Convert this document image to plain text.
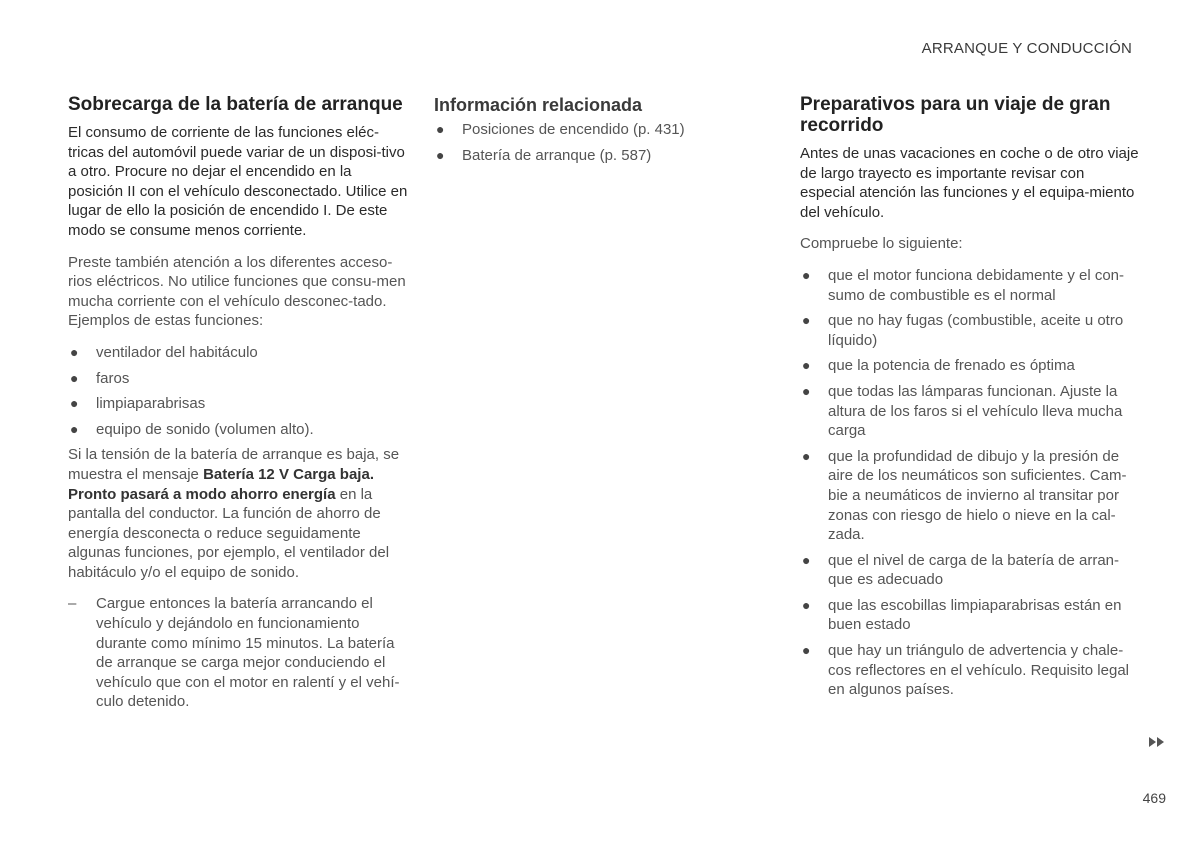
ARRANQUE Y CONDUCCIÓN
Sobrecarga de la batería de arranque

El consumo de corriente de las funciones eléc-tricas del automóvil puede variar de un disposi-tivo a otro. Procure no dejar el encendido en la posición II con el vehículo desconectado. Utilice en lugar de ello la posición de encendido I. De este modo se consume menos corriente.

Preste también atención a los diferentes acceso-rios eléctricos. No utilice funciones que consu-men mucha corriente con el vehículo desconec-tado. Ejemplos de estas funciones:

● ventilador del habitáculo
● faros
● limpiaparabrisas
● equipo de sonido (volumen alto).

Si la tensión de la batería de arranque es baja, se muestra el mensaje Batería 12 V Carga baja. Pronto pasará a modo ahorro energía en la pantalla del conductor. La función de ahorro de energía desconecta o reduce seguidamente algunas funciones, por ejemplo, el ventilador del habitáculo y/o el equipo de sonido.

– Cargue entonces la batería arrancando el vehículo y dejándolo en funcionamiento durante como mínimo 15 minutos. La batería de arranque se carga mejor conduciendo el vehículo que con el motor en ralentí y el vehí-culo detenido.
Información relacionada
● Posiciones de encendido (p. 431)
● Batería de arranque (p. 587)
Preparativos para un viaje de gran recorrido

Antes de unas vacaciones en coche o de otro viaje de largo trayecto es importante revisar con especial atención las funciones y el equipa-miento del vehículo.

Compruebe lo siguiente:

● que el motor funciona debidamente y el con-sumo de combustible es el normal
● que no hay fugas (combustible, aceite u otro líquido)
● que la potencia de frenado es óptima
● que todas las lámparas funcionan. Ajuste la altura de los faros si el vehículo lleva mucha carga
● que la profundidad de dibujo y la presión de aire de los neumáticos son suficientes. Cam-bie a neumáticos de invierno al transitar por zonas con riesgo de hielo o nieve en la cal-zada.
● que el nivel de carga de la batería de arran-que es adecuado
● que las escobillas limpiaparabrisas están en buen estado
● que hay un triángulo de advertencia y chale-cos reflectores en el vehículo. Requisito legal en algunos países.
469
